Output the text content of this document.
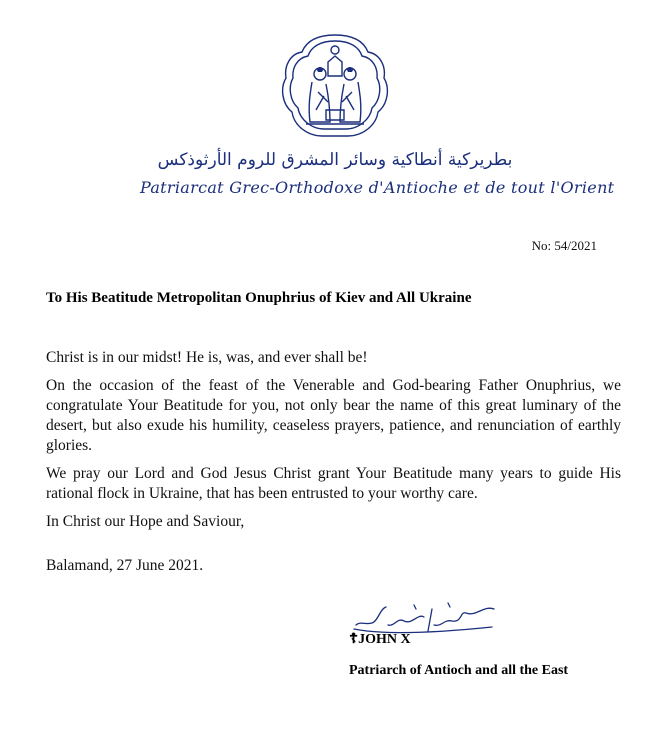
بطريركية أنطاكية وسائر المشرق للروم الأرثوذكس
Patriarcat Grec-Orthodoxe d'Antioche et de tout l'Orient
No: 54/2021
To His Beatitude Metropolitan Onuphrius of Kiev and All Ukraine

Christ is in our midst! He is, was, and ever shall be!

On the occasion of the feast of the Venerable and God-bearing Father Onuphrius, we congratulate Your Beatitude for you, not only bear the name of this great luminary of the desert, but also exude his humility, ceaseless prayers, patience, and renunciation of earthly glories.

We pray our Lord and God Jesus Christ grant Your Beatitude many years to guide His rational flock in Ukraine, that has been entrusted to your worthy care.

In Christ our Hope and Saviour,

Balamand, 27 June 2021.
☦JOHN X
Patriarch of Antioch and all the East
